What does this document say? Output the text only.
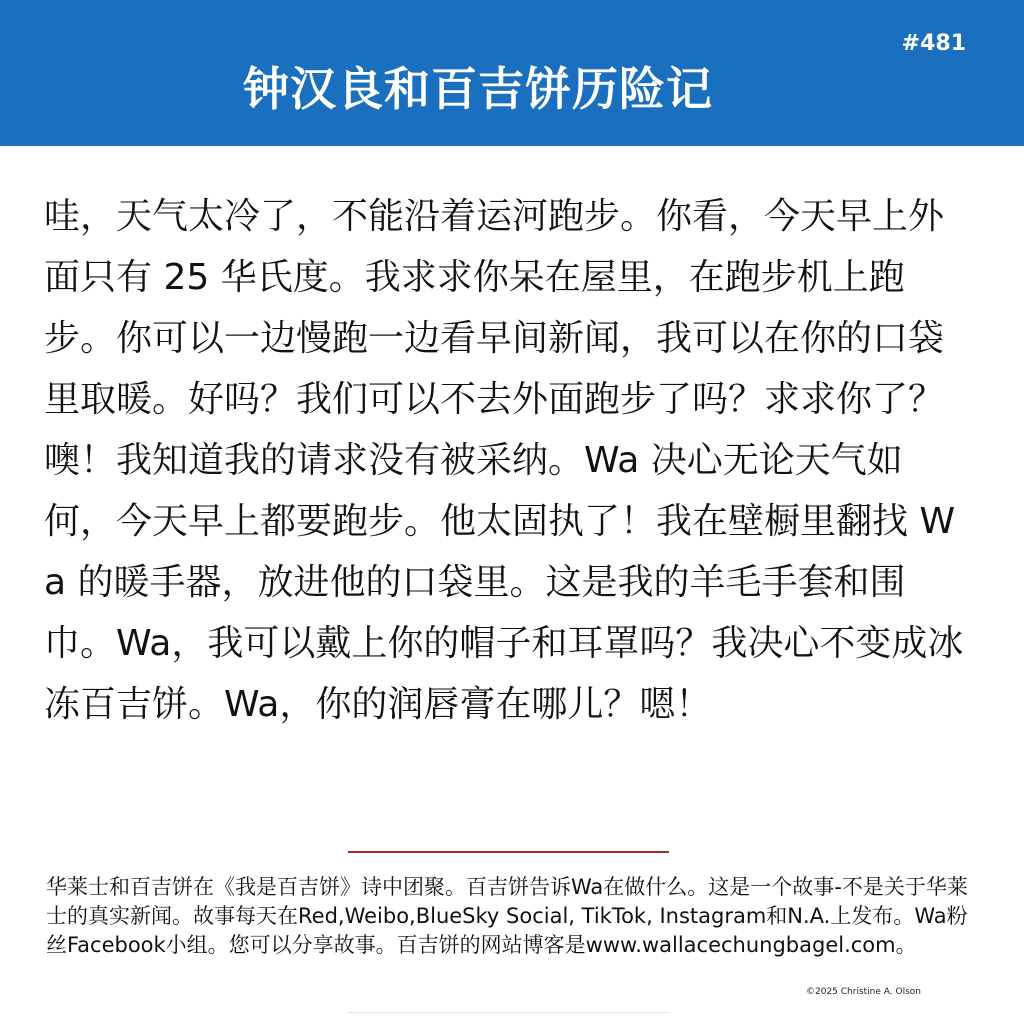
钟汉良和百吉饼历险记
#481

哇，天气太冷了，不能沿着运河跑步。你看，今天早上外面只有 25 华氏度。我求求你呆在屋里，在跑步机上跑步。你可以一边慢跑一边看早间新闻，我可以在你的口袋里取暖。好吗？我们可以不去外面跑步了吗？求求你了？噢！我知道我的请求没有被采纳。Wa 决心无论天气如何，今天早上都要跑步。他太固执了！我在壁橱里翻找 Wa 的暖手器，放进他的口袋里。这是我的羊毛手套和围巾。Wa，我可以戴上你的帽子和耳罩吗？我决心不变成冰冻百吉饼。Wa，你的润唇膏在哪儿？嗯！

华莱士和百吉饼在《我是百吉饼》诗中团聚。百吉饼告诉Wa在做什么。这是一个故事-不是关于华莱士的真实新闻。故事每天在Red,Weibo,BlueSky Social, TikTok, Instagram和N.A.上发布。Wa粉丝Facebook小组。您可以分享故事。百吉饼的网站博客是www.wallacechungbagel.com。

©2025 Christine A. Olson
